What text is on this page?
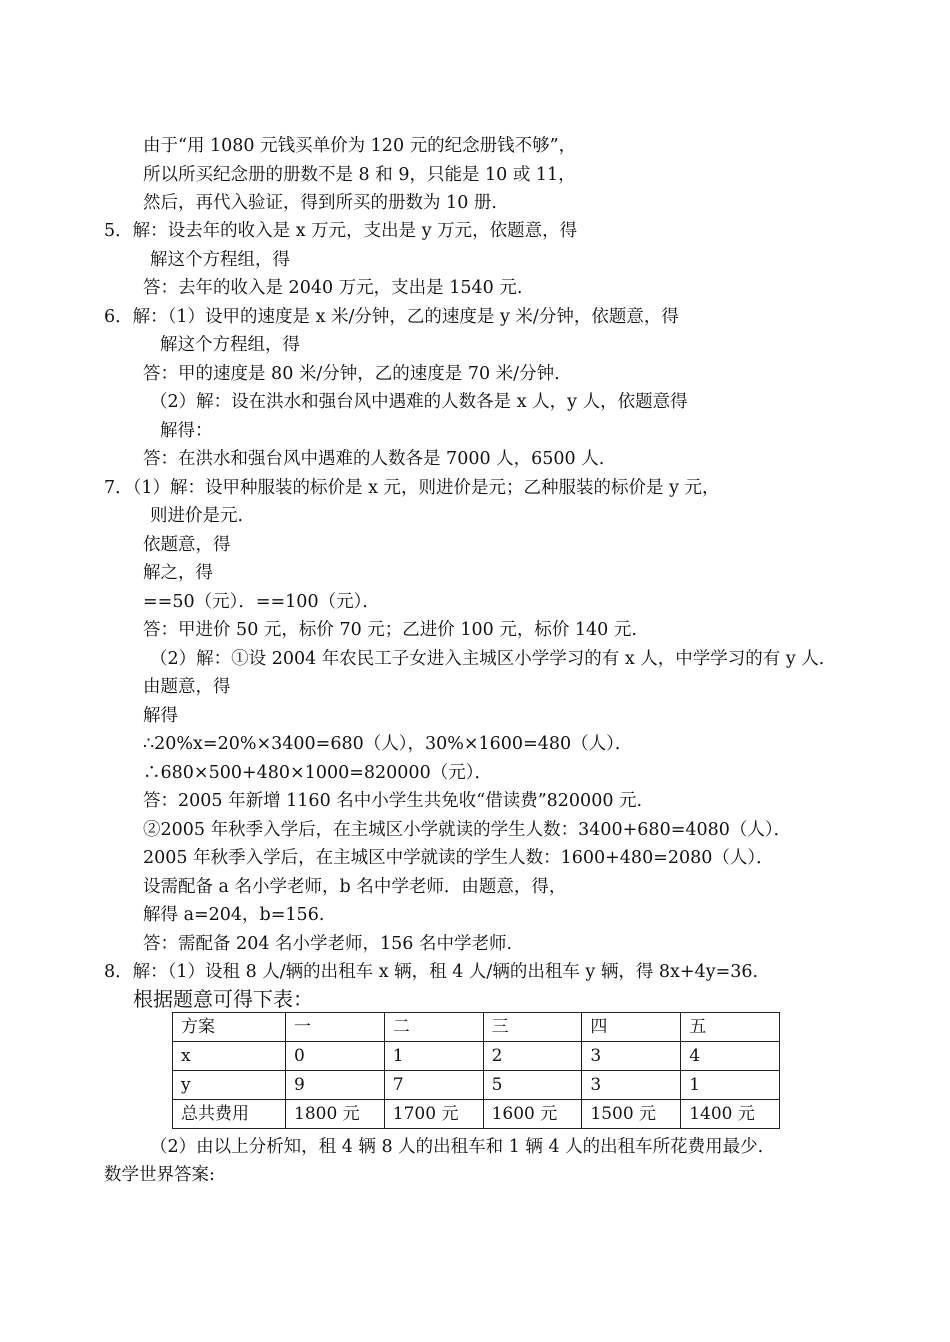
由于“用 1080 元钱买单价为 120 元的纪念册钱不够”，
所以所买纪念册的册数不是 8 和 9，只能是 10 或 11，
然后，再代入验证，得到所买的册数为 10 册.
5．解：设去年的收入是 x 万元，支出是 y 万元，依题意，得
解这个方程组，得
答：去年的收入是 2040 万元，支出是 1540 元.
6．解：（1）设甲的速度是 x 米/分钟，乙的速度是 y 米/分钟，依题意，得
解这个方程组，得
答：甲的速度是 80 米/分钟，乙的速度是 70 米/分钟.
（2）解：设在洪水和强台风中遇难的人数各是 x 人，y 人，依题意得
解得：
答：在洪水和强台风中遇难的人数各是 7000 人，6500 人.
7．（1）解：设甲种服装的标价是 x 元，则进价是元；乙种服装的标价是 y 元，
则进价是元.
依题意，得
解之，得
==50（元）．==100（元）．
答：甲进价 50 元，标价 70 元；乙进价 100 元，标价 140 元.
（2）解：①设 2004 年农民工子女进入主城区小学学习的有 x 人，中学学习的有 y 人.
由题意，得
解得
∴20%x=20%×3400=680（人），30%×1600=480（人）．
∴680×500+480×1000=820000（元）．
答：2005 年新增 1160 名中小学生共免收“借读费”820000 元.
②2005 年秋季入学后，在主城区小学就读的学生人数：3400+680=4080（人）．
2005 年秋季入学后，在主城区中学就读的学生人数：1600+480=2080（人）．
设需配备 a 名小学老师，b 名中学老师．由题意，得，
解得 a=204，b=156.
答：需配备 204 名小学老师，156 名中学老师.
8．解：（1）设租 8 人/辆的出租车 x 辆，租 4 人/辆的出租车 y 辆，得 8x+4y=36.
根据题意可得下表：
方案	一	二	三	四	五
x	0	1	2	3	4
y	9	7	5	3	1
总共费用	1800 元	1700 元	1600 元	1500 元	1400 元
（2）由以上分析知，租 4 辆 8 人的出租车和 1 辆 4 人的出租车所花费用最少.
数学世界答案:
